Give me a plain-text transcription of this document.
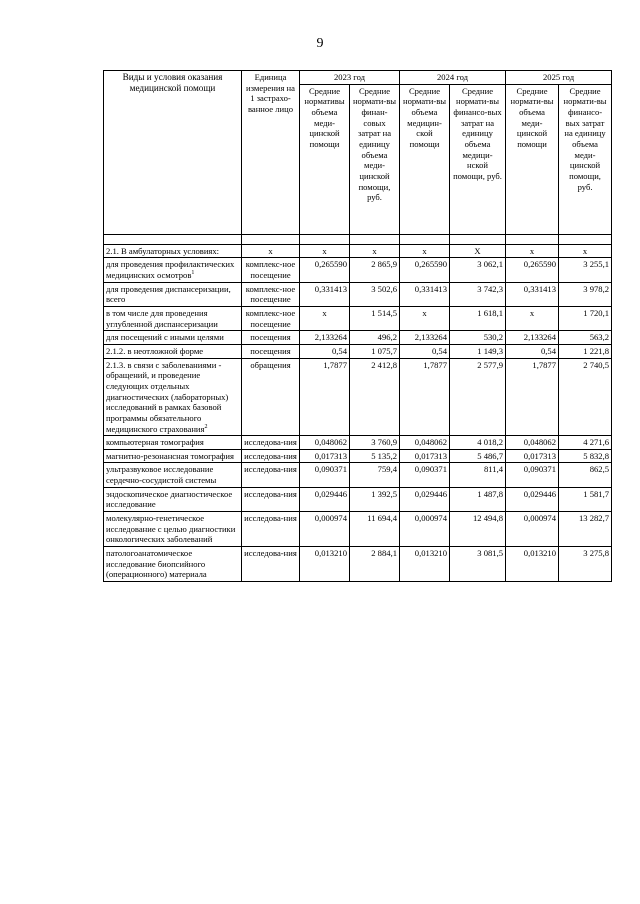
9
Виды и условия оказания медицинской помощи	Единица измерения на 1 застрахо-ванное лицо	2023 год		2024 год		2025 год	
		Средние нормативы объема меди-цинской помощи	Средние нормати-вы финан-совых затрат на единицу объема меди-цинской помощи, руб.	Средние нормати-вы объема медицин-ской помощи	Средние нормати-вы финансо-вых затрат на единицу объема медици-нской помощи, руб.	Средние нормати-вы объема меди-цинской помощи	Средние нормати-вы финансо-вых затрат на единицу объема меди-цинской помощи, руб.

2.1. В амбулаторных условиях:	х	х	х	х	Х	х	х
для проведения профилактических медицинских осмотров$^1$	комплекс-ное посещение	0,265590	2 865,9	0,265590	3 062,1	0,265590	3 255,1
для проведения диспансеризации, всего	комплекс-ное посещение	0,331413	3 502,6	0,331413	3 742,3	0,331413	3 978,2
в том числе для проведения углубленной диспансеризации	комплекс-ное посещение	х	1 514,5	х	1 618,1	х	1 720,1
для посещений с иными целями	посещения	2,133264	496,2	2,133264	530,2	2,133264	563,2
2.1.2. в неотложной форме	посещения	0,54	1 075,7	0,54	1 149,3	0,54	1 221,8
2.1.3. в связи с заболеваниями - обращений, и проведение следующих отдельных диагностических (лабораторных) исследований в рамках базовой программы обязательного медицинского страхования$^2$	обращения	1,7877	2 412,8	1,7877	2 577,9	1,7877	2 740,5
компьютерная томография	исследова-ния	0,048062	3 760,9	0,048062	4 018,2	0,048062	4 271,6
магнитно-резонансная томография	исследова-ния	0,017313	5 135,2	0,017313	5 486,7	0,017313	5 832,8
ультразвуковое исследование сердечно-сосудистой системы	исследова-ния	0,090371	759,4	0,090371	811,4	0,090371	862,5
эндоскопическое диагностическое исследование	исследова-ния	0,029446	1 392,5	0,029446	1 487,8	0,029446	1 581,7
молекулярно-генетическое исследование с целью диагностики онкологических заболеваний	исследова-ния	0,000974	11 694,4	0,000974	12 494,8	0,000974	13 282,7
патологоанатомическое исследование биопсийного (операционного) материала	исследова-ния	0,013210	2 884,1	0,013210	3 081,5	0,013210	3 275,8
